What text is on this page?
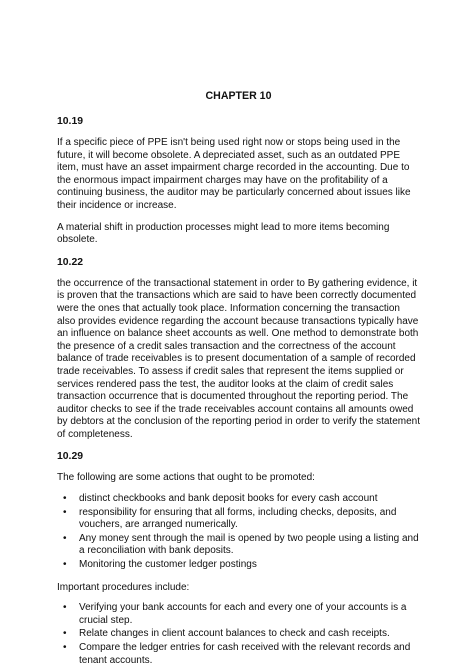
CHAPTER 10
10.19

If a specific piece of PPE isn't being used right now or stops being used in the future, it will become obsolete. A depreciated asset, such as an outdated PPE item, must have an asset impairment charge recorded in the accounting. Due to the enormous impact impairment charges may have on the profitability of a continuing business, the auditor may be particularly concerned about issues like their incidence or increase.

A material shift in production processes might lead to more items becoming obsolete.

10.22

the occurrence of the transactional statement in order to By gathering evidence, it is proven that the transactions which are said to have been correctly documented were the ones that actually took place. Information concerning the transaction also provides evidence regarding the account because transactions typically have an influence on balance sheet accounts as well. One method to demonstrate both the presence of a credit sales transaction and the correctness of the account balance of trade receivables is to present documentation of a sample of recorded trade receivables. To assess if credit sales that represent the items supplied or services rendered pass the test, the auditor looks at the claim of credit sales transaction occurrence that is documented throughout the reporting period. The auditor checks to see if the trade receivables account contains all amounts owed by debtors at the conclusion of the reporting period in order to verify the statement of completeness.

10.29

The following are some actions that ought to be promoted:

• distinct checkbooks and bank deposit books for every cash account
• responsibility for ensuring that all forms, including checks, deposits, and vouchers, are arranged numerically.
• Any money sent through the mail is opened by two people using a listing and a reconciliation with bank deposits.
• Monitoring the customer ledger postings

Important procedures include:

• Verifying your bank accounts for each and every one of your accounts is a crucial step.
• Relate changes in client account balances to check and cash receipts.
• Compare the ledger entries for cash received with the relevant records and tenant accounts.
